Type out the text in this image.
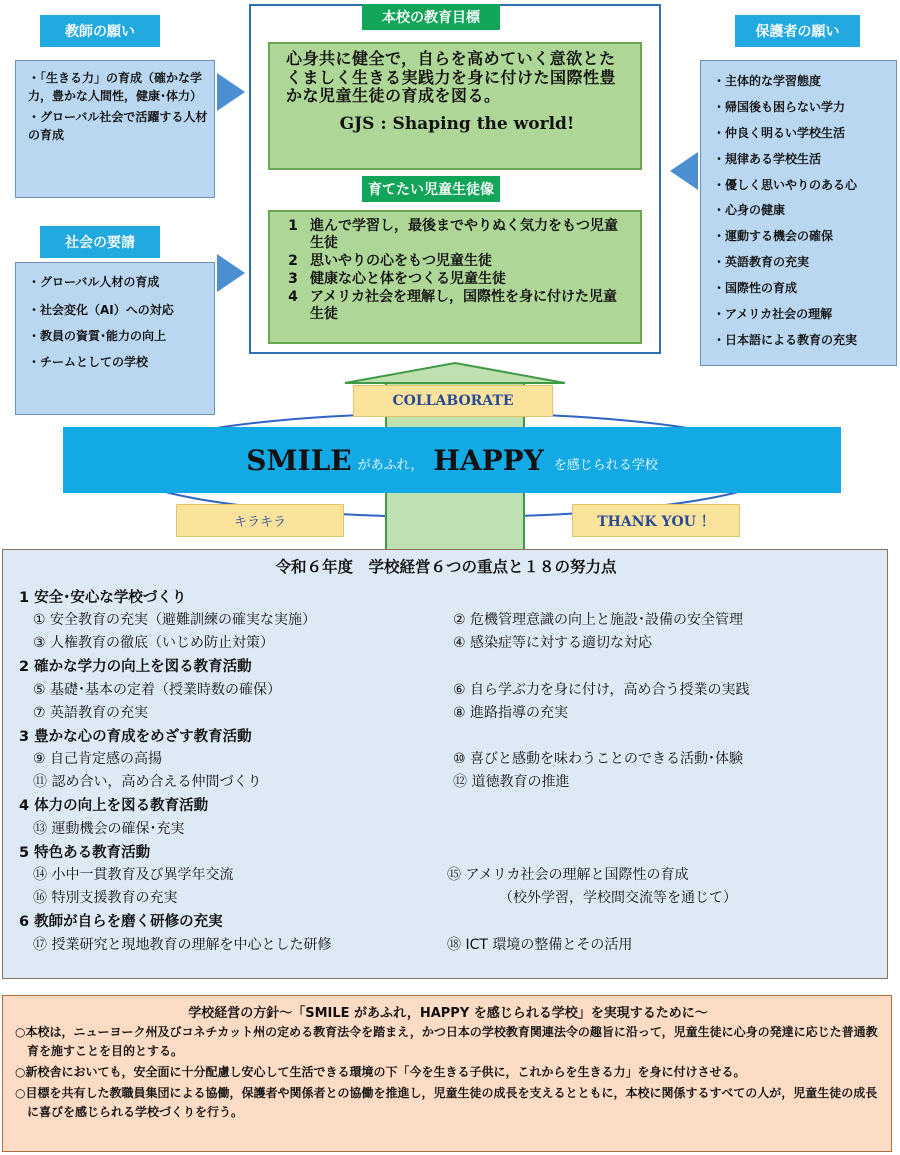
教師の願い
・「生きる力」の育成（確かな学力，豊かな人間性，健康･体力）
・グローバル社会で活躍する人材の育成
社会の要請
・グローバル人材の育成
・社会変化（AI）への対応
・教員の資質･能力の向上
・チームとしての学校
本校の教育目標
心身共に健全で，自らを高めていく意欲とたくましく生きる実践力を身に付けた国際性豊かな児童生徒の育成を図る。
GJS : Shaping the world!
育てたい児童生徒像
1 進んで学習し，最後までやりぬく気力をもつ児童生徒
2 思いやりの心をもつ児童生徒
3 健康な心と体をつくる児童生徒
4 アメリカ社会を理解し，国際性を身に付けた児童生徒
保護者の願い
・主体的な学習態度
・帰国後も困らない学力
・仲良く明るい学校生活
・規律ある学校生活
・優しく思いやりのある心
・心身の健康
・運動する機会の確保
・英語教育の充実
・国際性の育成
・アメリカ社会の理解
・日本語による教育の充実
COLLABORATE
SMILE があふれ， HAPPY を感じられる学校
キラキラ	THANK YOU ！
令和６年度　学校経営６つの重点と１８の努力点
1 安全･安心な学校づくり
① 安全教育の充実（避難訓練の確実な実施）	② 危機管理意識の向上と施設･設備の安全管理
③ 人権教育の徹底（いじめ防止対策）	④ 感染症等に対する適切な対応
2 確かな学力の向上を図る教育活動
⑤ 基礎･基本の定着（授業時数の確保）	⑥ 自ら学ぶ力を身に付け，高め合う授業の実践
⑦ 英語教育の充実	⑧ 進路指導の充実
3 豊かな心の育成をめざす教育活動
⑨ 自己肯定感の高揚	⑩ 喜びと感動を味わうことのできる活動･体験
⑪ 認め合い，高め合える仲間づくり	⑫ 道徳教育の推進
4 体力の向上を図る教育活動
⑬ 運動機会の確保･充実
5 特色ある教育活動
⑭ 小中一貫教育及び異学年交流	⑮ アメリカ社会の理解と国際性の育成
⑯ 特別支援教育の充実	（校外学習，学校間交流等を通じて）
6 教師が自らを磨く研修の充実
⑰ 授業研究と現地教育の理解を中心とした研修	⑱ ICT 環境の整備とその活用
学校経営の方針～「SMILE があふれ，HAPPY を感じられる学校」を実現するために～
○本校は，ニューヨーク州及びコネチカット州の定める教育法令を踏まえ，かつ日本の学校教育関連法令の趣旨に沿って，児童生徒に心身の発達に応じた普通教育を施すことを目的とする。
○新校舎においても，安全面に十分配慮し安心して生活できる環境の下「今を生きる子供に，これからを生きる力」を身に付けさせる。
○目標を共有した教職員集団による協働，保護者や関係者との協働を推進し，児童生徒の成長を支えるとともに，本校に関係するすべての人が，児童生徒の成長に喜びを感じられる学校づくりを行う。
